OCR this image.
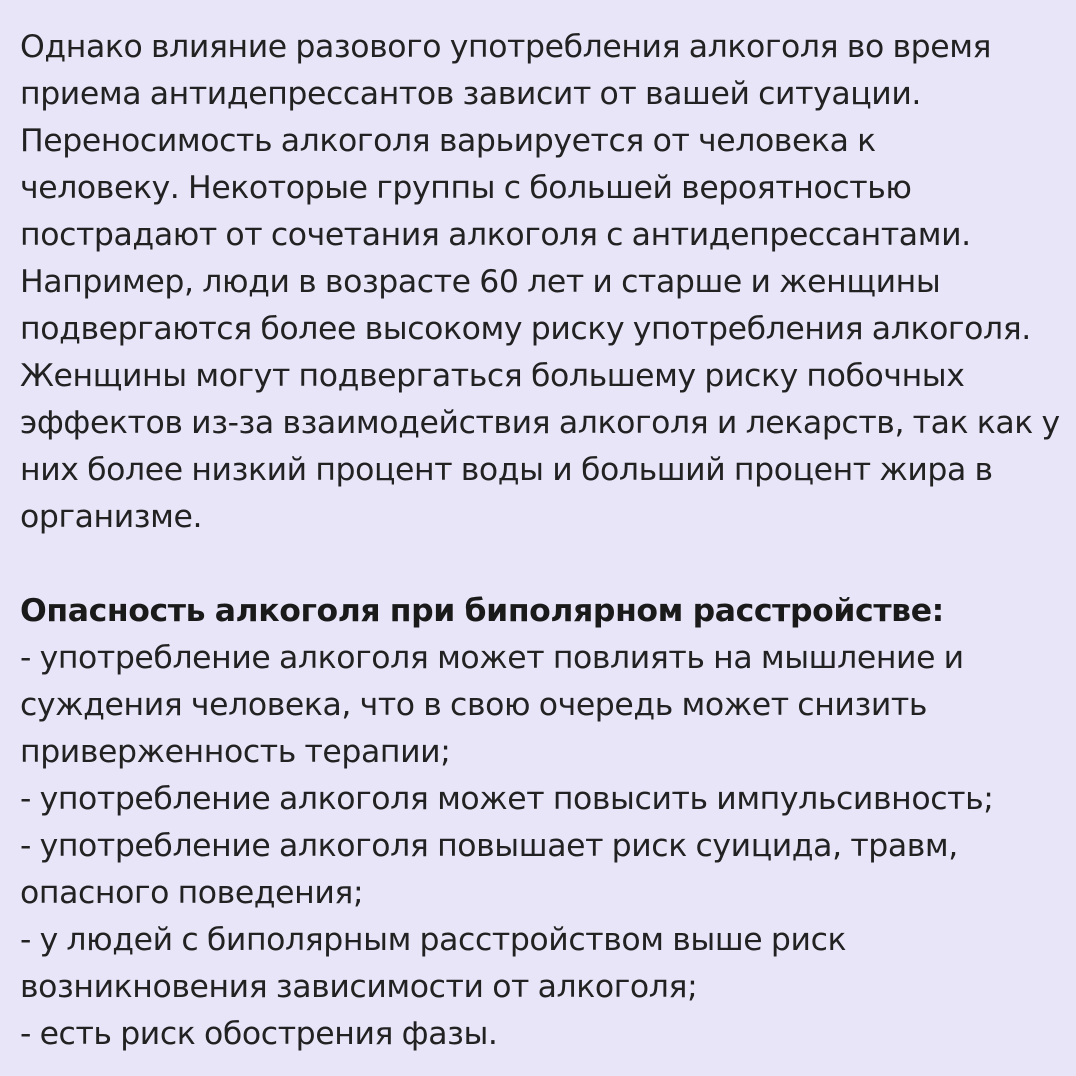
Однако влияние разового употребления алкоголя во время
приема антидепрессантов зависит от вашей ситуации.
Переносимость алкоголя варьируется от человека к
человеку. Некоторые группы с большей вероятностью
пострадают от сочетания алкоголя с антидепрессантами.
Например, люди в возрасте 60 лет и старше и женщины
подвергаются более высокому риску употребления алкоголя.
Женщины могут подвергаться большему риску побочных
эффектов из-за взаимодействия алкоголя и лекарств, так как у
них более низкий процент воды и больший процент жира в
организме.
Опасность алкоголя при биполярном расстройстве:
- употребление алкоголя может повлиять на мышление и
суждения человека, что в свою очередь может снизить
приверженность терапии;
- употребление алкоголя может повысить импульсивность;
- употребление алкоголя повышает риск суицида, травм,
опасного поведения;
- у людей с биполярным расстройством выше риск
возникновения зависимости от алкоголя;
- есть риск обострения фазы.
